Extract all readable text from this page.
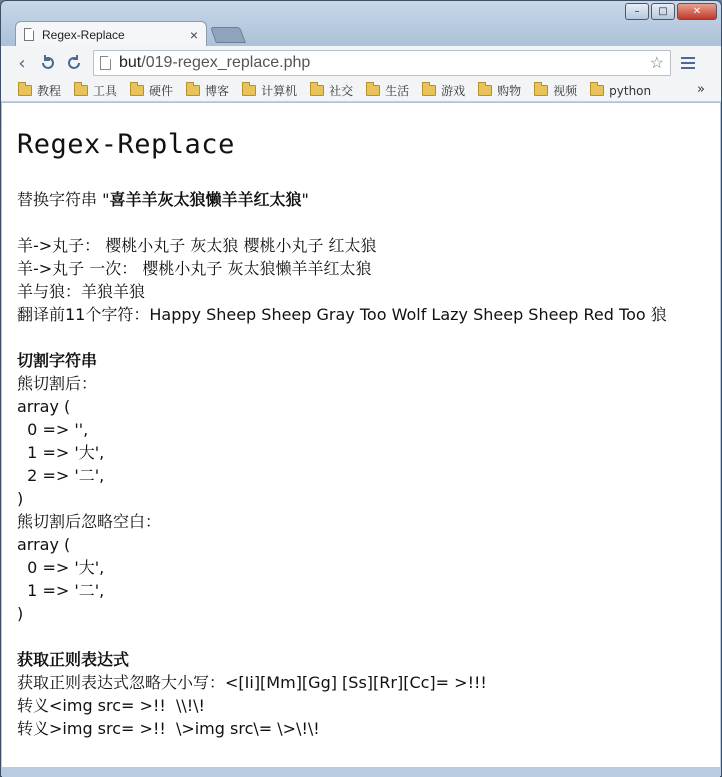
Regex-Replace	×
–	□	✕
‹	but /019-regex_replace.php	☆
教程	工具	硬件	博客	计算机	社交	生活	游戏	购物	视频	python	»
Regex-Replace
替换字符串 "喜羊羊灰太狼懒羊羊红太狼"
羊->丸子： 樱桃小丸子 灰太狼 樱桃小丸子 红太狼
羊->丸子 一次： 樱桃小丸子 灰太狼懒羊羊红太狼
羊与狼：羊狼羊狼
翻译前11个字符：Happy Sheep Sheep Gray Too Wolf Lazy Sheep Sheep Red Too 狼
切割字符串
熊切割后：
array (
0 => '',
1 => '大',
2 => '二',
)
熊切割后忽略空白：
array (
0 => '大',
1 => '二',
)
获取正则表达式
获取正则表达式忽略大小写：<[Ii][Mm][Gg] [Ss][Rr][Cc]= >!!!
转义<img src= >!!  \\!\!
转义>img src= >!!  \>img src\= \>\!\!
